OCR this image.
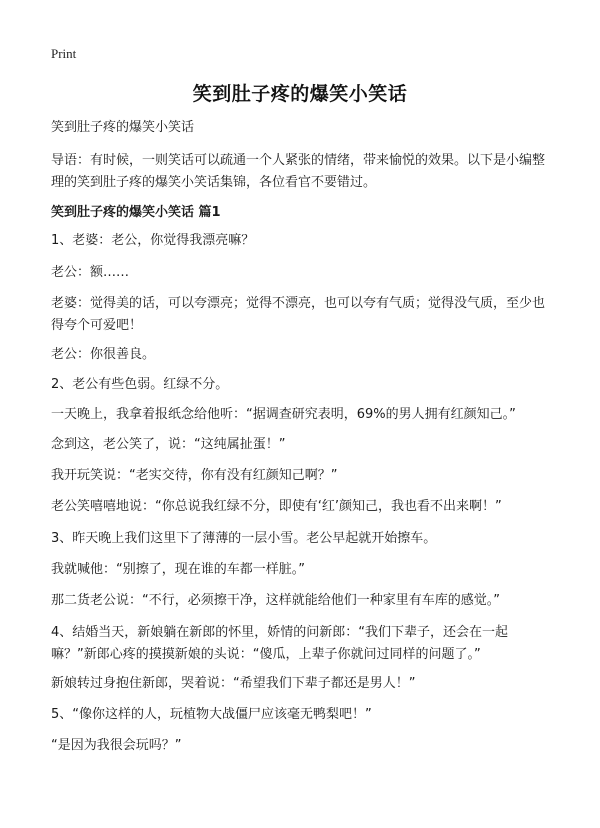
Print
笑到肚子疼的爆笑小笑话

笑到肚子疼的爆笑小笑话

导语：有时候，一则笑话可以疏通一个人紧张的情绪，带来愉悦的效果。以下是小编整理的笑到肚子疼的爆笑小笑话集锦，各位看官不要错过。

笑到肚子疼的爆笑小笑话 篇1

1、老婆：老公，你觉得我漂亮嘛？

老公：额……

老婆：觉得美的话，可以夸漂亮；觉得不漂亮，也可以夸有气质；觉得没气质，至少也得夸个可爱吧！

老公：你很善良。

2、老公有些色弱。红绿不分。

一天晚上，我拿着报纸念给他听：“据调查研究表明，69%的男人拥有红颜知己。”

念到这，老公笑了，说：“这纯属扯蛋！”

我开玩笑说：“老实交待，你有没有红颜知己啊？”

老公笑嘻嘻地说：“你总说我红绿不分，即使有‘红’颜知己，我也看不出来啊！”

3、昨天晚上我们这里下了薄薄的一层小雪。老公早起就开始擦车。

我就喊他：“别擦了，现在谁的车都一样脏。”

那二货老公说：“不行，必须擦干净，这样就能给他们一种家里有车库的感觉。”

4、结婚当天，新娘躺在新郎的怀里，娇情的问新郎：“我们下辈子，还会在一起嘛？”新郎心疼的摸摸新娘的头说：“傻瓜，上辈子你就问过同样的问题了。”

新娘转过身抱住新郎，哭着说：“希望我们下辈子都还是男人！”

5、“像你这样的人，玩植物大战僵尸应该毫无鸭梨吧！”

“是因为我很会玩吗？”
